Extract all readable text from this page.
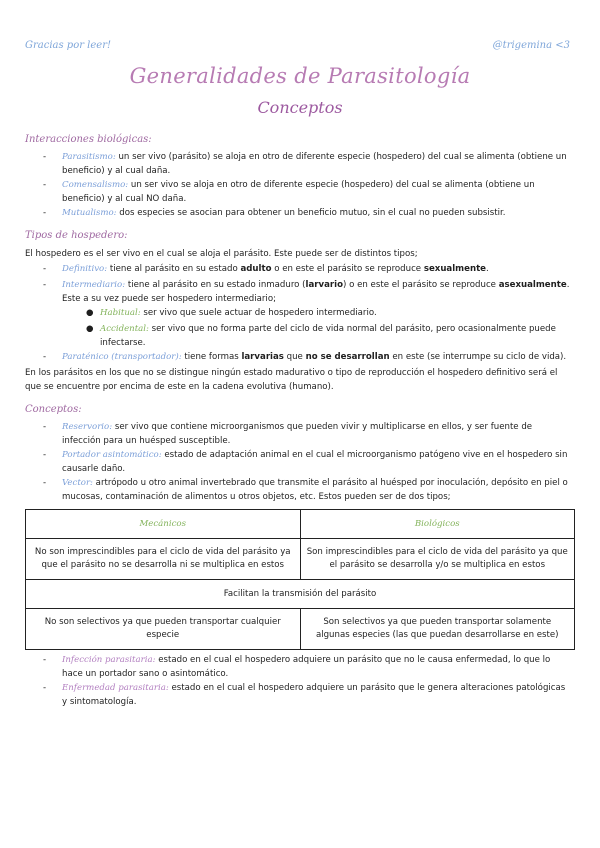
Gracias por leer!	@trigemina <3
Generalidades de Parasitología
Conceptos
Interacciones biológicas:
- Parasitismo: un ser vivo (parásito) se aloja en otro de diferente especie (hospedero) del cual se alimenta (obtiene un beneficio) y al cual daña.
- Comensalismo: un ser vivo se aloja en otro de diferente especie (hospedero) del cual se alimenta (obtiene un beneficio) y al cual NO daña.
- Mutualismo: dos especies se asocian para obtener un beneficio mutuo, sin el cual no pueden subsistir.
Tipos de hospedero:
El hospedero es el ser vivo en el cual se aloja el parásito. Este puede ser de distintos tipos;
- Definitivo: tiene al parásito en su estado adulto o en este el parásito se reproduce sexualmente.
- Intermediario: tiene al parásito en su estado inmaduro (larvario) o en este el parásito se reproduce asexualmente. Este a su vez puede ser hospedero intermediario;
● Habitual: ser vivo que suele actuar de hospedero intermediario.
● Accidental: ser vivo que no forma parte del ciclo de vida normal del parásito, pero ocasionalmente puede infectarse.
- Paraténico (transportador): tiene formas larvarias que no se desarrollan en este (se interrumpe su ciclo de vida).
En los parásitos en los que no se distingue ningún estado madurativo o tipo de reproducción el hospedero definitivo será el que se encuentre por encima de este en la cadena evolutiva (humano).
Conceptos:
- Reservorio: ser vivo que contiene microorganismos que pueden vivir y multiplicarse en ellos, y ser fuente de infección para un huésped susceptible.
- Portador asintomático: estado de adaptación animal en el cual el microorganismo patógeno vive en el hospedero sin causarle daño.
- Vector: artrópodo u otro animal invertebrado que transmite el parásito al huésped por inoculación, depósito en piel o mucosas, contaminación de alimentos u otros objetos, etc. Estos pueden ser de dos tipos;
Mecánicos	Biológicos
No son imprescindibles para el ciclo de vida del parásito ya que el parásito no se desarrolla ni se multiplica en estos	Son imprescindibles para el ciclo de vida del parásito ya que el parásito se desarrolla y/o se multiplica en estos
Facilitan la transmisión del parásito	
No son selectivos ya que pueden transportar cualquier especie	Son selectivos ya que pueden transportar solamente algunas especies (las que puedan desarrollarse en este)
- Infección parasitaria: estado en el cual el hospedero adquiere un parásito que no le causa enfermedad, lo que lo hace un portador sano o asintomático.
- Enfermedad parasitaria: estado en el cual el hospedero adquiere un parásito que le genera alteraciones patológicas y sintomatología.
